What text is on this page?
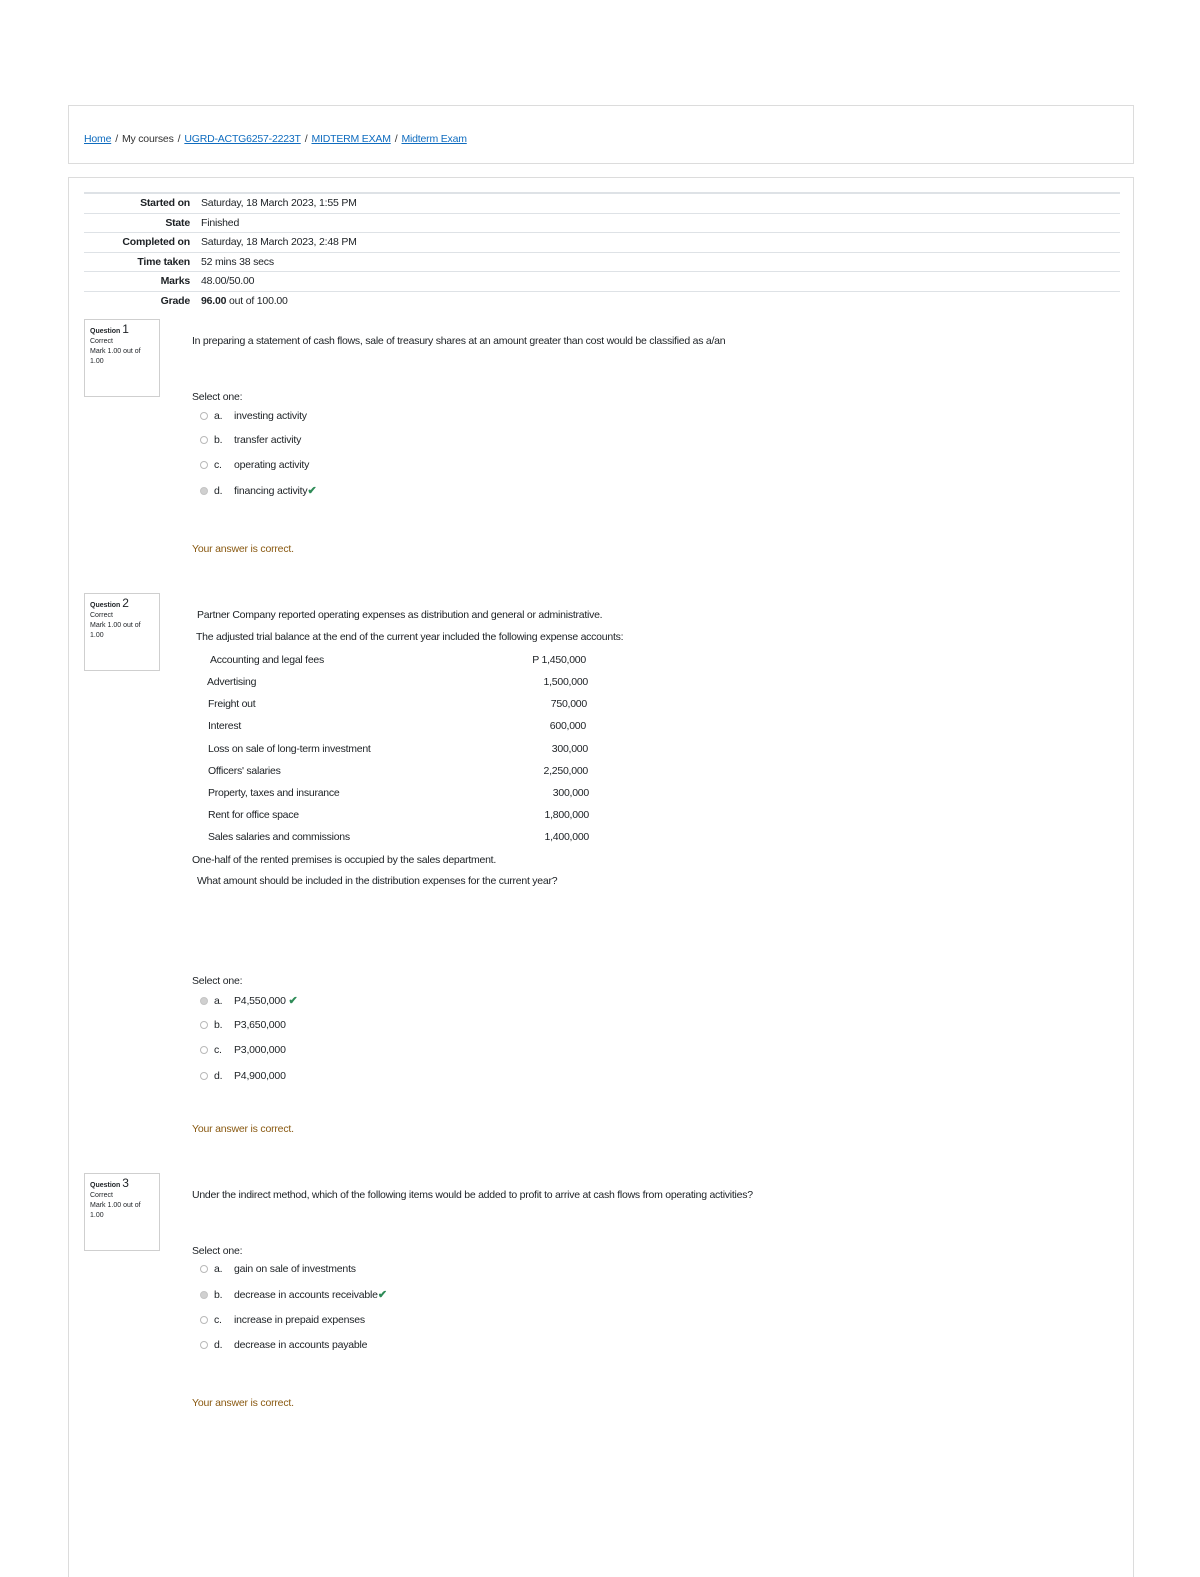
Home / My courses / UGRD-ACTG6257-2223T / MIDTERM EXAM / Midterm Exam
Started on Saturday, 18 March 2023, 1:55 PM
State Finished
Completed on Saturday, 18 March 2023, 2:48 PM
Time taken 52 mins 38 secs
Marks 48.00/50.00
Grade 96.00 out of 100.00
Question 1
Correct
Mark 1.00 out of 1.00
In preparing a statement of cash flows, sale of treasury shares at an amount greater than cost would be classified as a/an
Select one:
a. investing activity
b. transfer activity
c. operating activity
d. financing activity✔
Your answer is correct.
Question 2
Correct
Mark 1.00 out of 1.00
Partner Company reported operating expenses as distribution and general or administrative.
The adjusted trial balance at the end of the current year included the following expense accounts:
Accounting and legal fees	P 1,450,000
Advertising	1,500,000
Freight out	750,000
Interest	600,000
Loss on sale of long-term investment	300,000
Officers' salaries	2,250,000
Property, taxes and insurance	300,000
Rent for office space	1,800,000
Sales salaries and commissions	1,400,000
One-half of the rented premises is occupied by the sales department.
What amount should be included in the distribution expenses for the current year?
Select one:
a. P4,550,000 ✔
b. P3,650,000
c. P3,000,000
d. P4,900,000
Your answer is correct.
Question 3
Correct
Mark 1.00 out of 1.00
Under the indirect method, which of the following items would be added to profit to arrive at cash flows from operating activities?
Select one:
a. gain on sale of investments
b. decrease in accounts receivable✔
c. increase in prepaid expenses
d. decrease in accounts payable
Your answer is correct.
